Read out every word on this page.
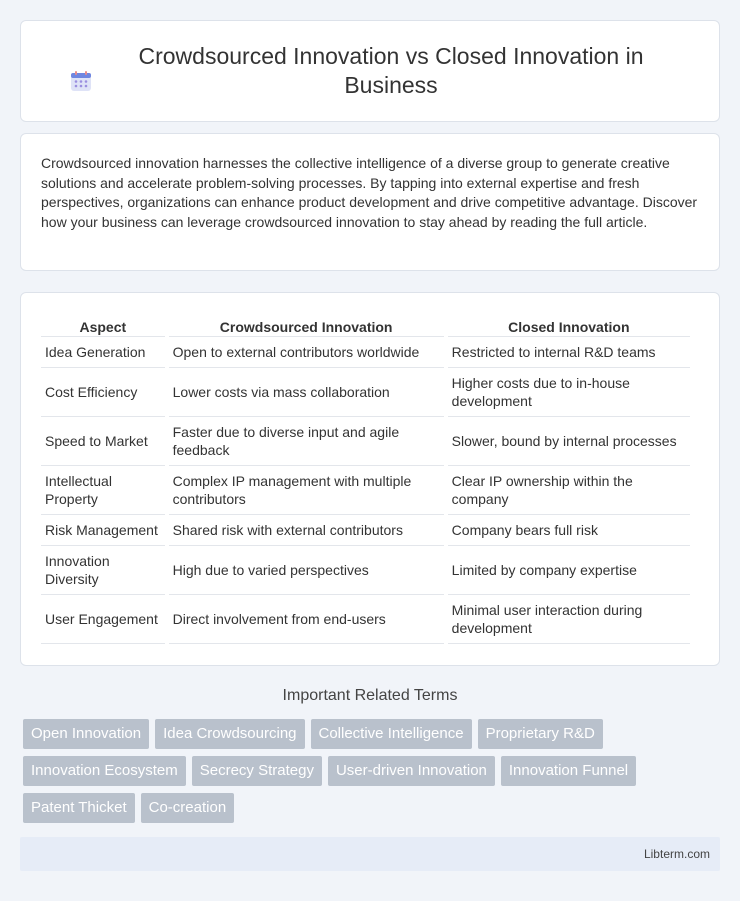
Crowdsourced Innovation vs Closed Innovation in Business

Crowdsourced innovation harnesses the collective intelligence of a diverse group to generate creative solutions and accelerate problem-solving processes. By tapping into external expertise and fresh perspectives, organizations can enhance product development and drive competitive advantage. Discover how your business can leverage crowdsourced innovation to stay ahead by reading the full article.

Aspect	Crowdsourced Innovation	Closed Innovation
Idea Generation	Open to external contributors worldwide	Restricted to internal R&D teams
Cost Efficiency	Lower costs via mass collaboration	Higher costs due to in-house development
Speed to Market	Faster due to diverse input and agile feedback	Slower, bound by internal processes
Intellectual Property	Complex IP management with multiple contributors	Clear IP ownership within the company
Risk Management	Shared risk with external contributors	Company bears full risk
Innovation Diversity	High due to varied perspectives	Limited by company expertise
User Engagement	Direct involvement from end-users	Minimal user interaction during development
Important Related Terms
Open Innovation	Idea Crowdsourcing	Collective Intelligence	Proprietary R&D
Innovation Ecosystem	Secrecy Strategy	User-driven Innovation	Innovation Funnel
Patent Thicket	Co-creation
Libterm.com
